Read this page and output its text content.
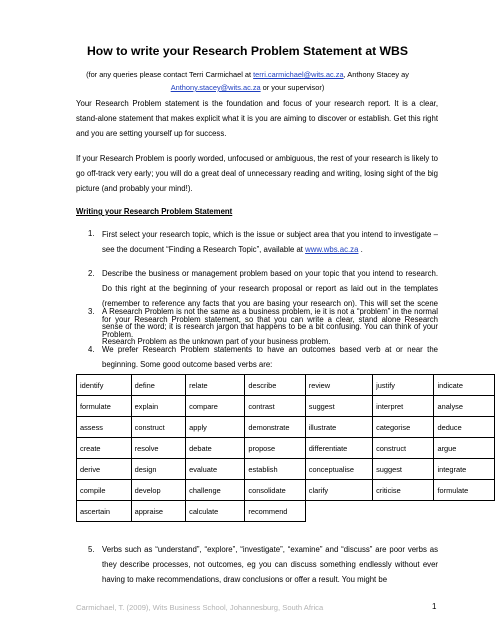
How to write your Research Problem Statement at WBS
(for any queries please contact Terri Carmichael at terri.carmichael@wits.ac.za, Anthony Stacey ay
Anthony.stacey@wits.ac.za or your supervisor)

Your Research Problem statement is the foundation and focus of your research report. It is a clear, stand-alone statement that makes explicit what it is you are aiming to discover or establish. Get this right and you are setting yourself up for success.

If your Research Problem is poorly worded, unfocused or ambiguous, the rest of your research is likely to go off-track very early; you will do a great deal of unnecessary reading and writing, losing sight of the big picture (and probably your mind!).

Writing your Research Problem Statement
1. First select your research topic, which is the issue or subject area that you intend to investigate – see the document “Finding a Research Topic”, available at www.wbs.ac.za .

2. Describe the business or management problem based on your topic that you intend to research. Do this right at the beginning of your research proposal or report as laid out in the templates (remember to reference any facts that you are basing your research on). This will set the scene for your Research Problem statement, so that you can write a clear, stand alone Research Problem.

3. A Research Problem is not the same as a business problem, ie it is not a “problem” in the normal sense of the word; it is research jargon that happens to be a bit confusing. You can think of your Research Problem as the unknown part of your business problem.

identify	define	relate	describe	review	justify	indicate
formulate	explain	compare	contrast	suggest	interpret	analyse
assess	construct	apply	demonstrate	illustrate	categorise	deduce
create	resolve	debate	propose	differentiate	construct	argue
derive	design	evaluate	establish	conceptualise	suggest	integrate
compile	develop	challenge	consolidate	clarify	criticise	formulate
ascertain	appraise	calculate	recommend			
5. Verbs such as “understand”, “explore”, “investigate”, “examine” and “discuss” are poor verbs as they describe processes, not outcomes, eg you can discuss something endlessly without ever having to make recommendations, draw conclusions or offer a result. You might be

Carmichael, T. (2009), Wits Business School, Johannesburg, South Africa	1
4. We prefer Research Problem statements to have an outcomes based verb at or near the beginning. Some good outcome based verbs are:
